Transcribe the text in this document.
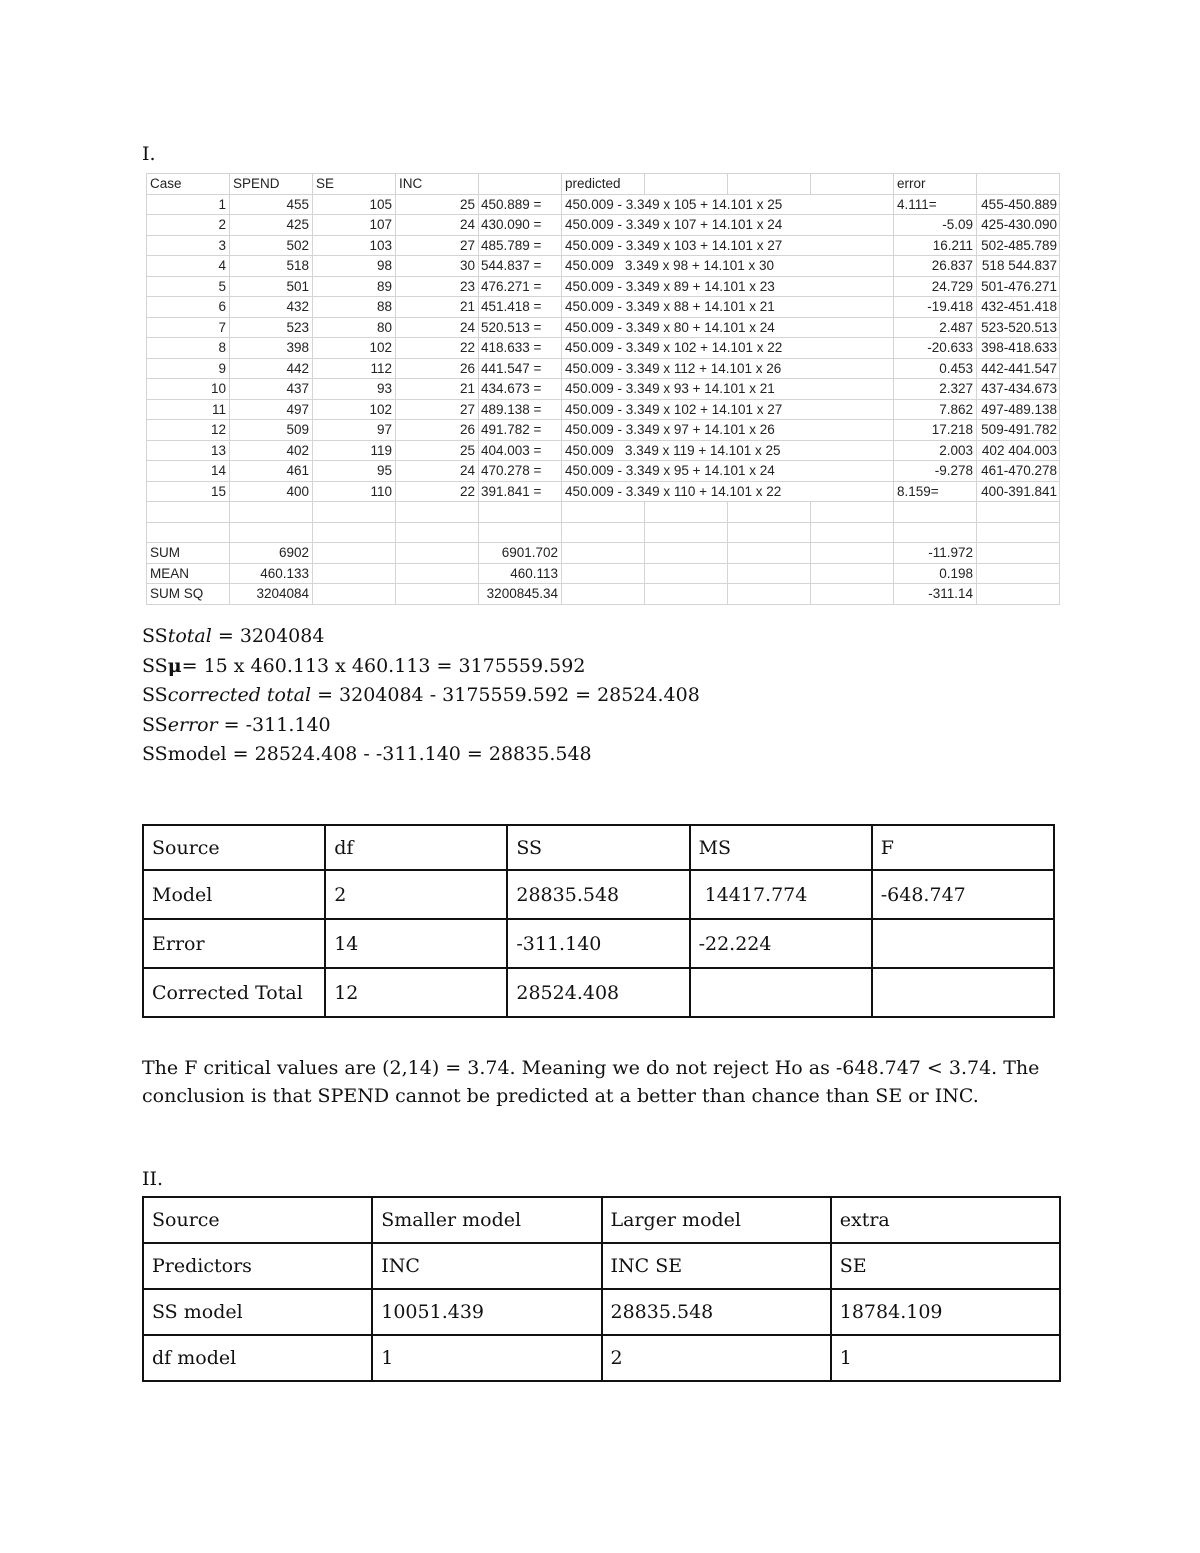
I.
Case	SPEND	SE	INC		predicted				error	
1	455	105	25	450.889 =	450.009 - 3.349 x 105 + 14.101 x 25				4.111=	455-450.889
2	425	107	24	430.090 =	450.009 - 3.349 x 107 + 14.101 x 24				-5.09	425-430.090
3	502	103	27	485.789 =	450.009 - 3.349 x 103 + 14.101 x 27				16.211	502-485.789
4	518	98	30	544.837 =	450.009   3.349 x 98 + 14.101 x 30				26.837	518 544.837
5	501	89	23	476.271 =	450.009 - 3.349 x 89 + 14.101 x 23				24.729	501-476.271
6	432	88	21	451.418 =	450.009 - 3.349 x 88 + 14.101 x 21				-19.418	432-451.418
7	523	80	24	520.513 =	450.009 - 3.349 x 80 + 14.101 x 24				2.487	523-520.513
8	398	102	22	418.633 =	450.009 - 3.349 x 102 + 14.101 x 22				-20.633	398-418.633
9	442	112	26	441.547 =	450.009 - 3.349 x 112 + 14.101 x 26				0.453	442-441.547
10	437	93	21	434.673 =	450.009 - 3.349 x 93 + 14.101 x 21				2.327	437-434.673
11	497	102	27	489.138 =	450.009 - 3.349 x 102 + 14.101 x 27				7.862	497-489.138
12	509	97	26	491.782 =	450.009 - 3.349 x 97 + 14.101 x 26				17.218	509-491.782
13	402	119	25	404.003 =	450.009   3.349 x 119 + 14.101 x 25				2.003	402 404.003
14	461	95	24	470.278 =	450.009 - 3.349 x 95 + 14.101 x 24				-9.278	461-470.278
15	400	110	22	391.841 =	450.009 - 3.349 x 110 + 14.101 x 22				8.159=	400-391.841

SUM	6902			6901.702					-11.972	
MEAN	460.133			460.113					0.198	
SUM SQ	3204084			3200845.34					-311.14	
SStotal = 3204084
SSμ= 15 x 460.113 x 460.113 = 3175559.592
SScorrected total = 3204084 - 3175559.592 = 28524.408
SSerror = -311.140
SSmodel = 28524.408 - -311.140 = 28835.548
Source	df	SS	MS	F
Model	2	28835.548	14417.774	-648.747
Error	14	-311.140	-22.224	
Corrected Total	12	28524.408		
The F critical values are (2,14) = 3.74. Meaning we do not reject Ho as -648.747 < 3.74. The conclusion is that SPEND cannot be predicted at a better than chance than SE or INC.
II.
Source	Smaller model	Larger model	extra
Predictors	INC	INC SE	SE
SS model	10051.439	28835.548	18784.109
df model	1	2	1
